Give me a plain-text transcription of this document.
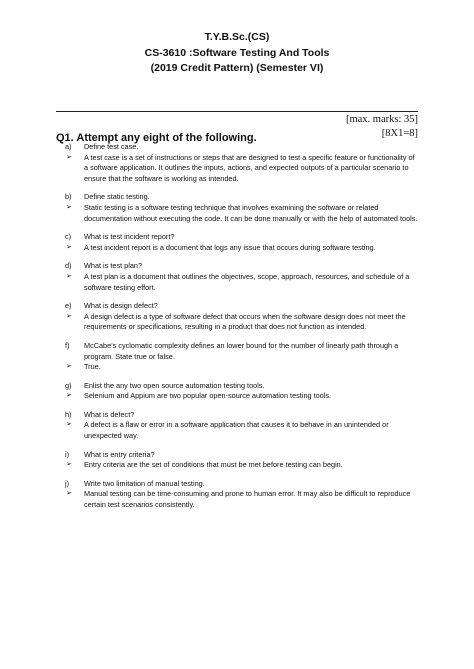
T.Y.B.Sc.(CS)
CS-3610 :Software Testing And Tools
(2019 Credit Pattern) (Semester VI)
[max. marks: 35]
Q1. Attempt any eight of the following.	[8X1=8]
a) Define test case.
➢ A test case is a set of instructions or steps that are designed to test a specific feature or functionality of a software application. It outlines the inputs, actions, and expected outputs of a particular scenario to ensure that the software is working as intended.
b) Define static testing.
➢ Static testing is a software testing technique that involves examining the software or related documentation without executing the code. It can be done manually or with the help of automated tools.
c) What is test incident report?
➢ A test incident report is a document that logs any issue that occurs during software testing.
d) What is test plan?
➢ A test plan is a document that outlines the objectives, scope, approach, resources, and schedule of a software testing effort.
e) What is design defect?
➢ A design defect is a type of software defect that occurs when the software design does not meet the requirements or specifications, resulting in a product that does not function as intended.
f) McCabe’s cyclomatic complexity defines an lower bound for the number of linearly path through a program. State true or false.
➢ True.
g) Enlist the any two open source automation testing tools.
➢ Selenium and Appium are two popular open-source automation testing tools.
h) What is defect?
➢ A defect is a flaw or error in a software application that causes it to behave in an unintended or unexpected way.
i) What is entry criteria?
➢ Entry criteria are the set of conditions that must be met before testing can begin.
j) Write two limitation of manual testing.
➢ Manual testing can be time-consuming and prone to human error. It may also be difficult to reproduce certain test scenarios consistently.
